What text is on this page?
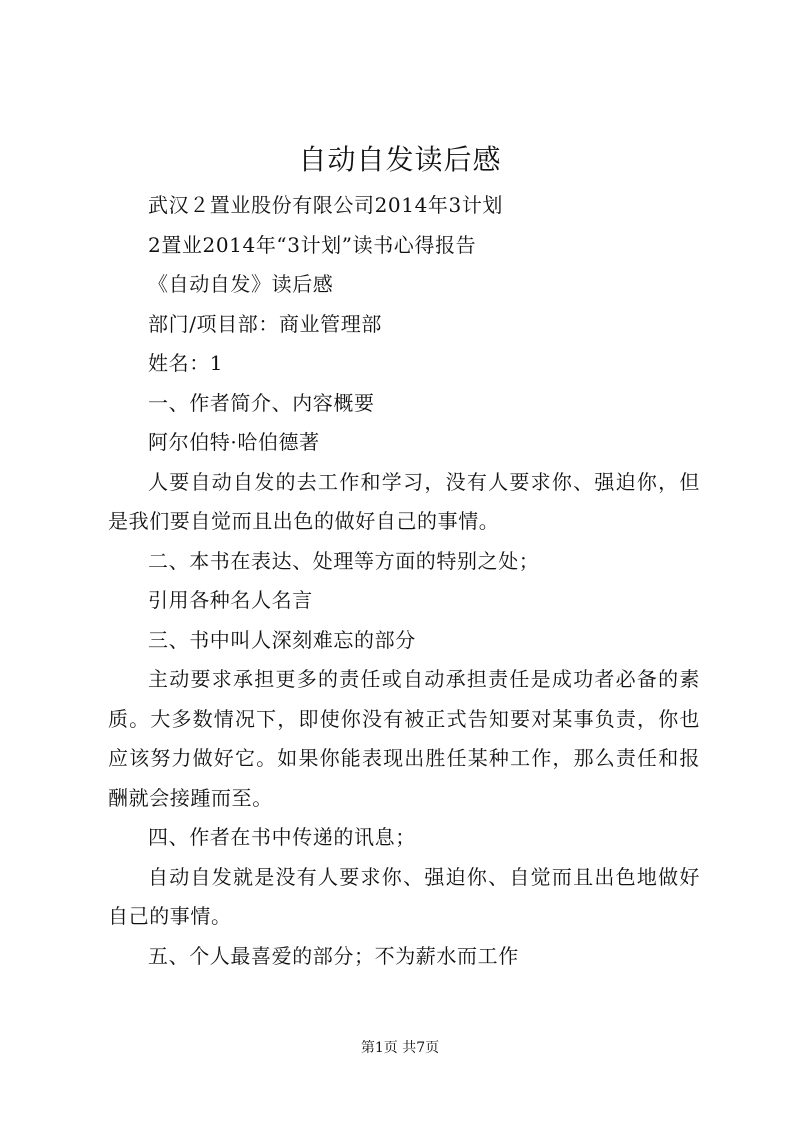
自动自发读后感

武汉２置业股份有限公司2014年3计划

2置业2014年“3计划”读书心得报告

《自动自发》读后感

部门/项目部：商业管理部

姓名：1

一、作者简介、内容概要

阿尔伯特·哈伯德著

人要自动自发的去工作和学习，没有人要求你、强迫你，但是我们要自觉而且出色的做好自己的事情。

二、本书在表达、处理等方面的特别之处；

引用各种名人名言

三、书中叫人深刻难忘的部分

主动要求承担更多的责任或自动承担责任是成功者必备的素质。大多数情况下，即使你没有被正式告知要对某事负责，你也应该努力做好它。如果你能表现出胜任某种工作，那么责任和报酬就会接踵而至。

四、作者在书中传递的讯息；

自动自发就是没有人要求你、强迫你、自觉而且出色地做好自己的事情。

五、个人最喜爱的部分；不为薪水而工作

第1页 共7页
